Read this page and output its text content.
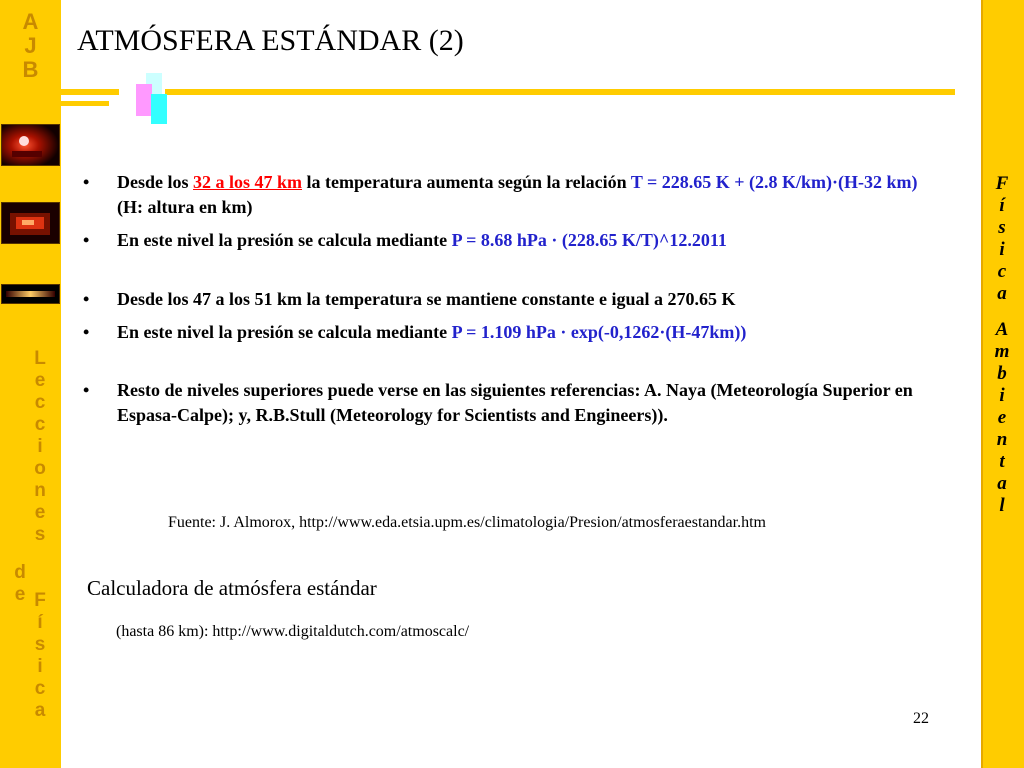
A
J
B
L
e
c
c
i
o
n
e
s
F
í
s
i
c
a
d
e
F
í
s
i
c
a
A
m
b
i
e
n
t
a
l
ATMÓSFERA ESTÁNDAR (2)
• Desde los 32 a los 47 km la temperatura aumenta según la relación T = 228.65 K + (2.8 K/km)·(H-32 km) (H: altura en km)
• En este nivel la presión se calcula mediante P = 8.68 hPa · (228.65 K/T)^12.2011
• Desde los 47 a los 51 km la temperatura se mantiene constante e igual a 270.65 K
• En este nivel la presión se calcula mediante P = 1.109 hPa · exp(-0,1262·(H-47km))
• Resto de niveles superiores puede verse en las siguientes referencias: A. Naya (Meteorología Superior en Espasa-Calpe); y, R.B.Stull (Meteorology for Scientists and Engineers)).
Fuente: J. Almorox, http://www.eda.etsia.upm.es/climatologia/Presion/atmosferaestandar.htm
Calculadora de atmósfera estándar
(hasta 86 km): http://www.digitaldutch.com/atmoscalc/
22
